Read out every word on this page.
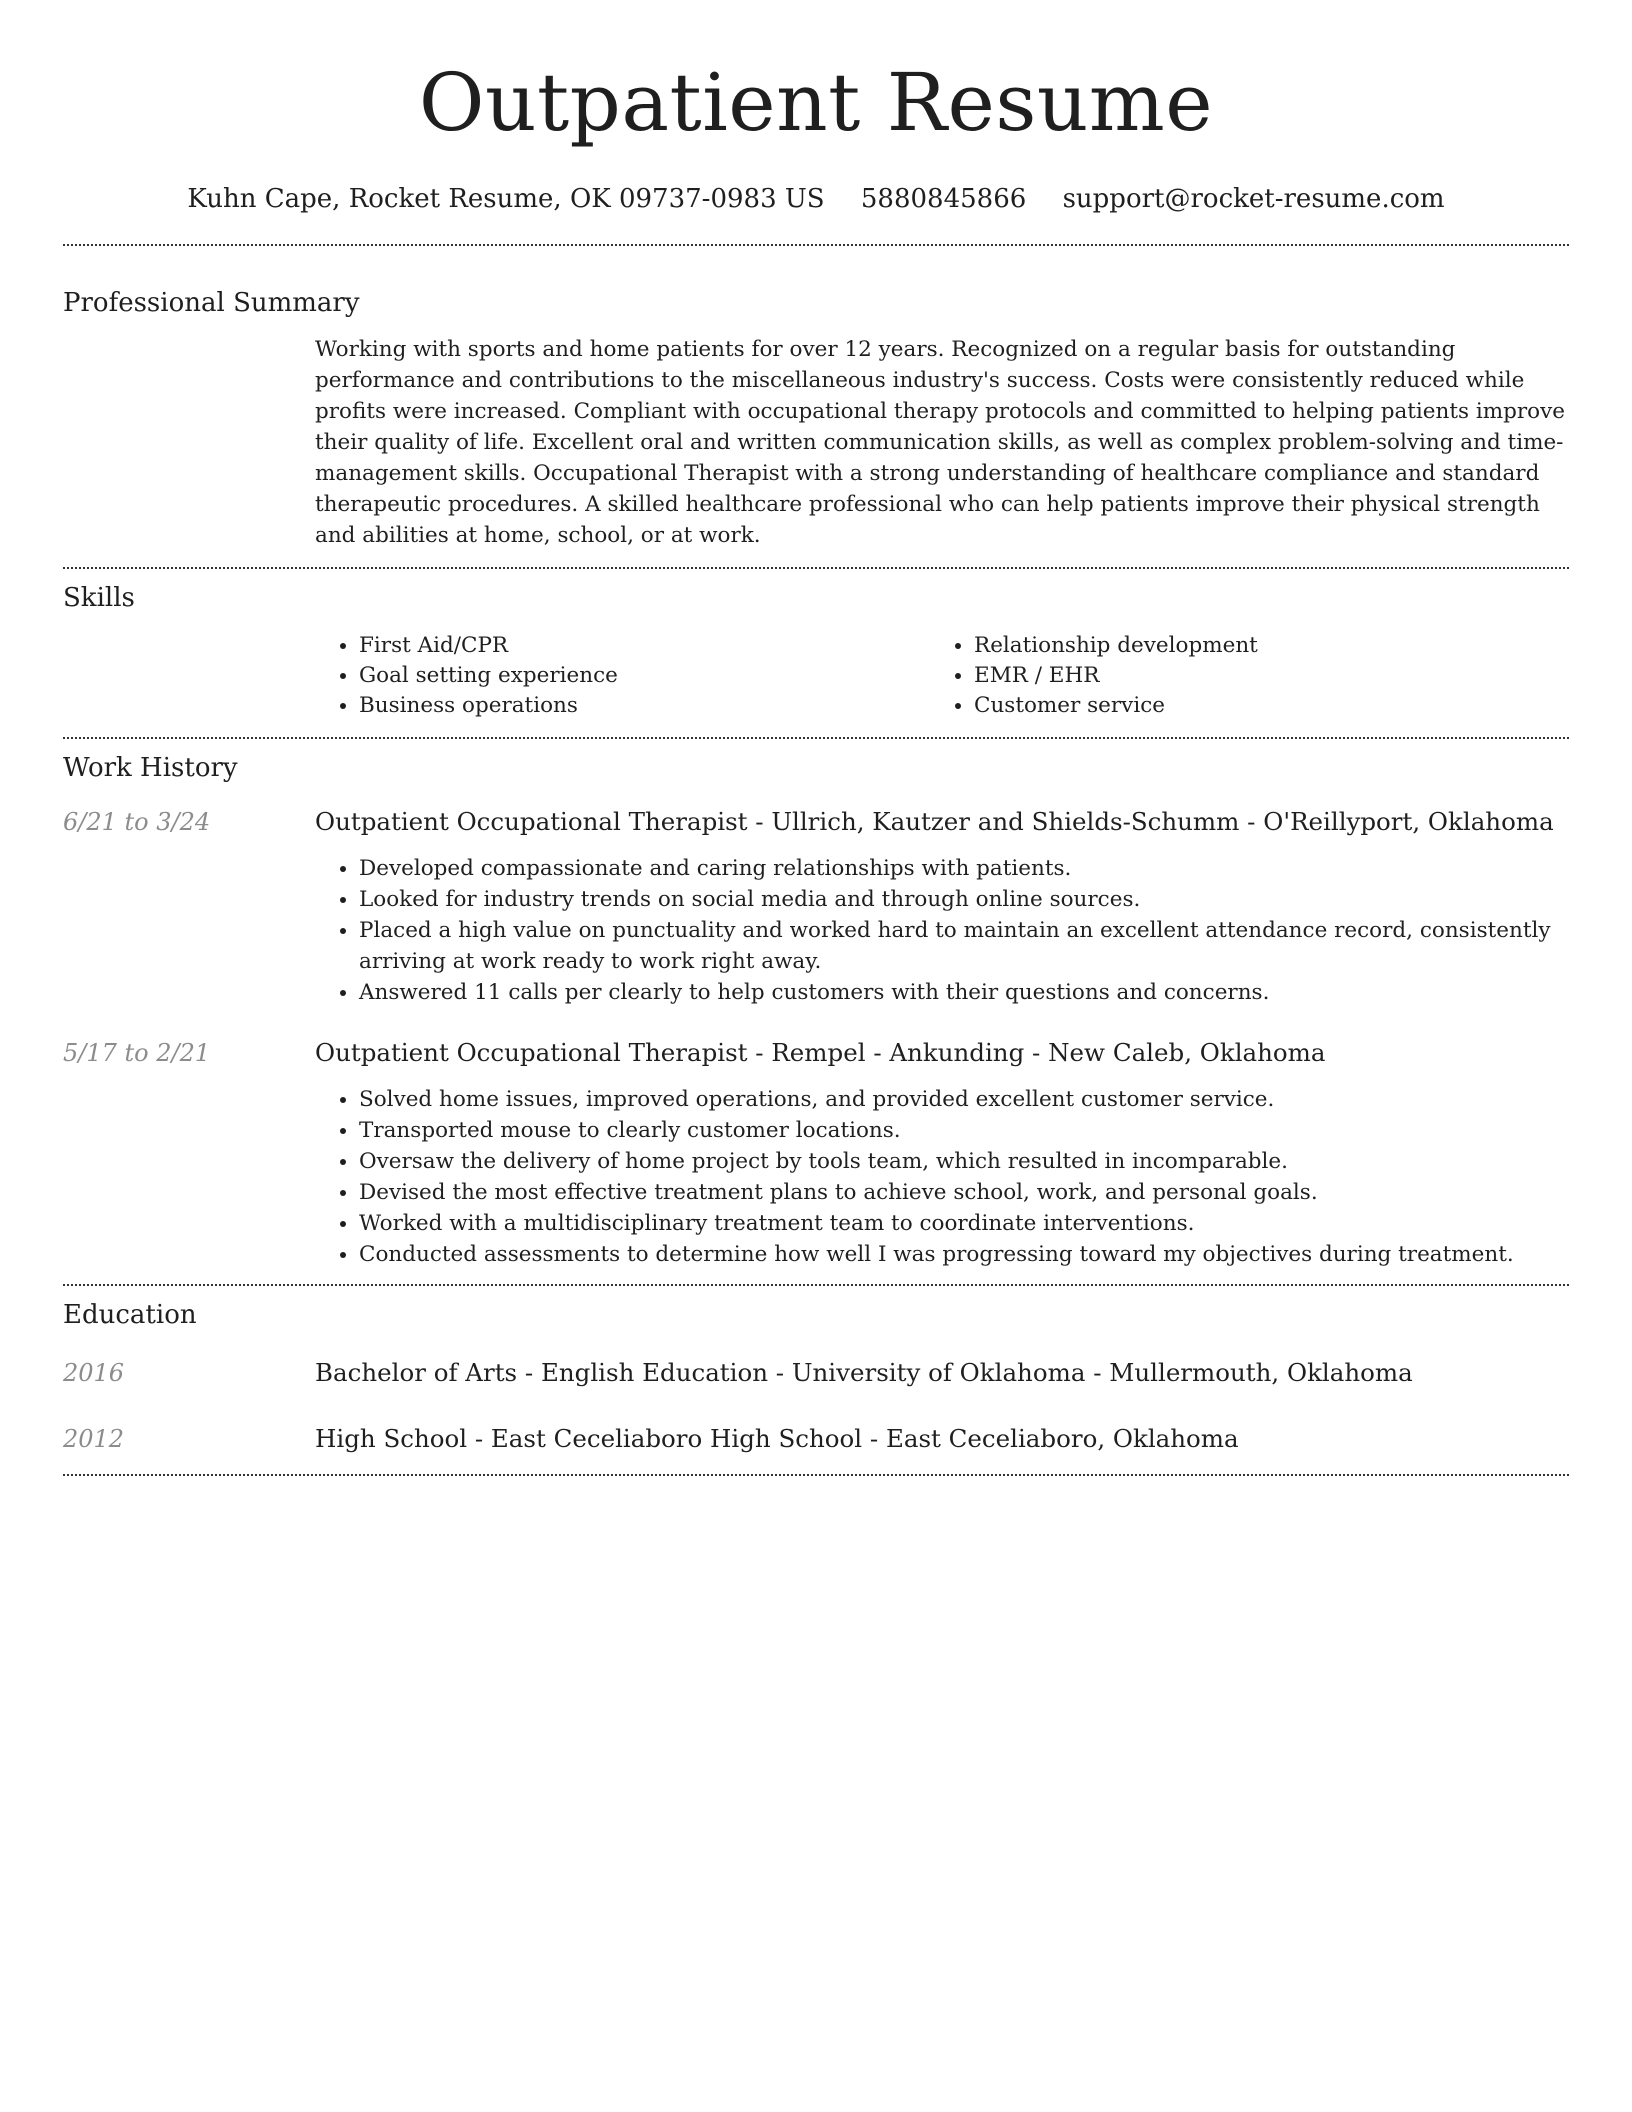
Outpatient Resume
Kuhn Cape, Rocket Resume, OK 09737-0983 US 5880845866 support@rocket-resume.com
Professional Summary
Working with sports and home patients for over 12 years. Recognized on a regular basis for outstanding performance and contributions to the miscellaneous industry's success. Costs were consistently reduced while profits were increased. Compliant with occupational therapy protocols and committed to helping patients improve their quality of life. Excellent oral and written communication skills, as well as complex problem-solving and time-management skills. Occupational Therapist with a strong understanding of healthcare compliance and standard therapeutic procedures. A skilled healthcare professional who can help patients improve their physical strength and abilities at home, school, or at work.
Skills
• First Aid/CPR
• Goal setting experience
• Business operations
• Relationship development
• EMR / EHR
• Customer service
Work History
6/21 to 3/24	Outpatient Occupational Therapist - Ullrich, Kautzer and Shields-Schumm - O'Reillyport, Oklahoma
• Developed compassionate and caring relationships with patients.
• Looked for industry trends on social media and through online sources.
• Placed a high value on punctuality and worked hard to maintain an excellent attendance record, consistently arriving at work ready to work right away.
• Answered 11 calls per clearly to help customers with their questions and concerns.
5/17 to 2/21	Outpatient Occupational Therapist - Rempel - Ankunding - New Caleb, Oklahoma
• Solved home issues, improved operations, and provided excellent customer service.
• Transported mouse to clearly customer locations.
• Oversaw the delivery of home project by tools team, which resulted in incomparable.
• Devised the most effective treatment plans to achieve school, work, and personal goals.
• Worked with a multidisciplinary treatment team to coordinate interventions.
• Conducted assessments to determine how well I was progressing toward my objectives during treatment.
Education
2016	Bachelor of Arts - English Education - University of Oklahoma - Mullermouth, Oklahoma
2012	High School - East Ceceliaboro High School - East Ceceliaboro, Oklahoma
